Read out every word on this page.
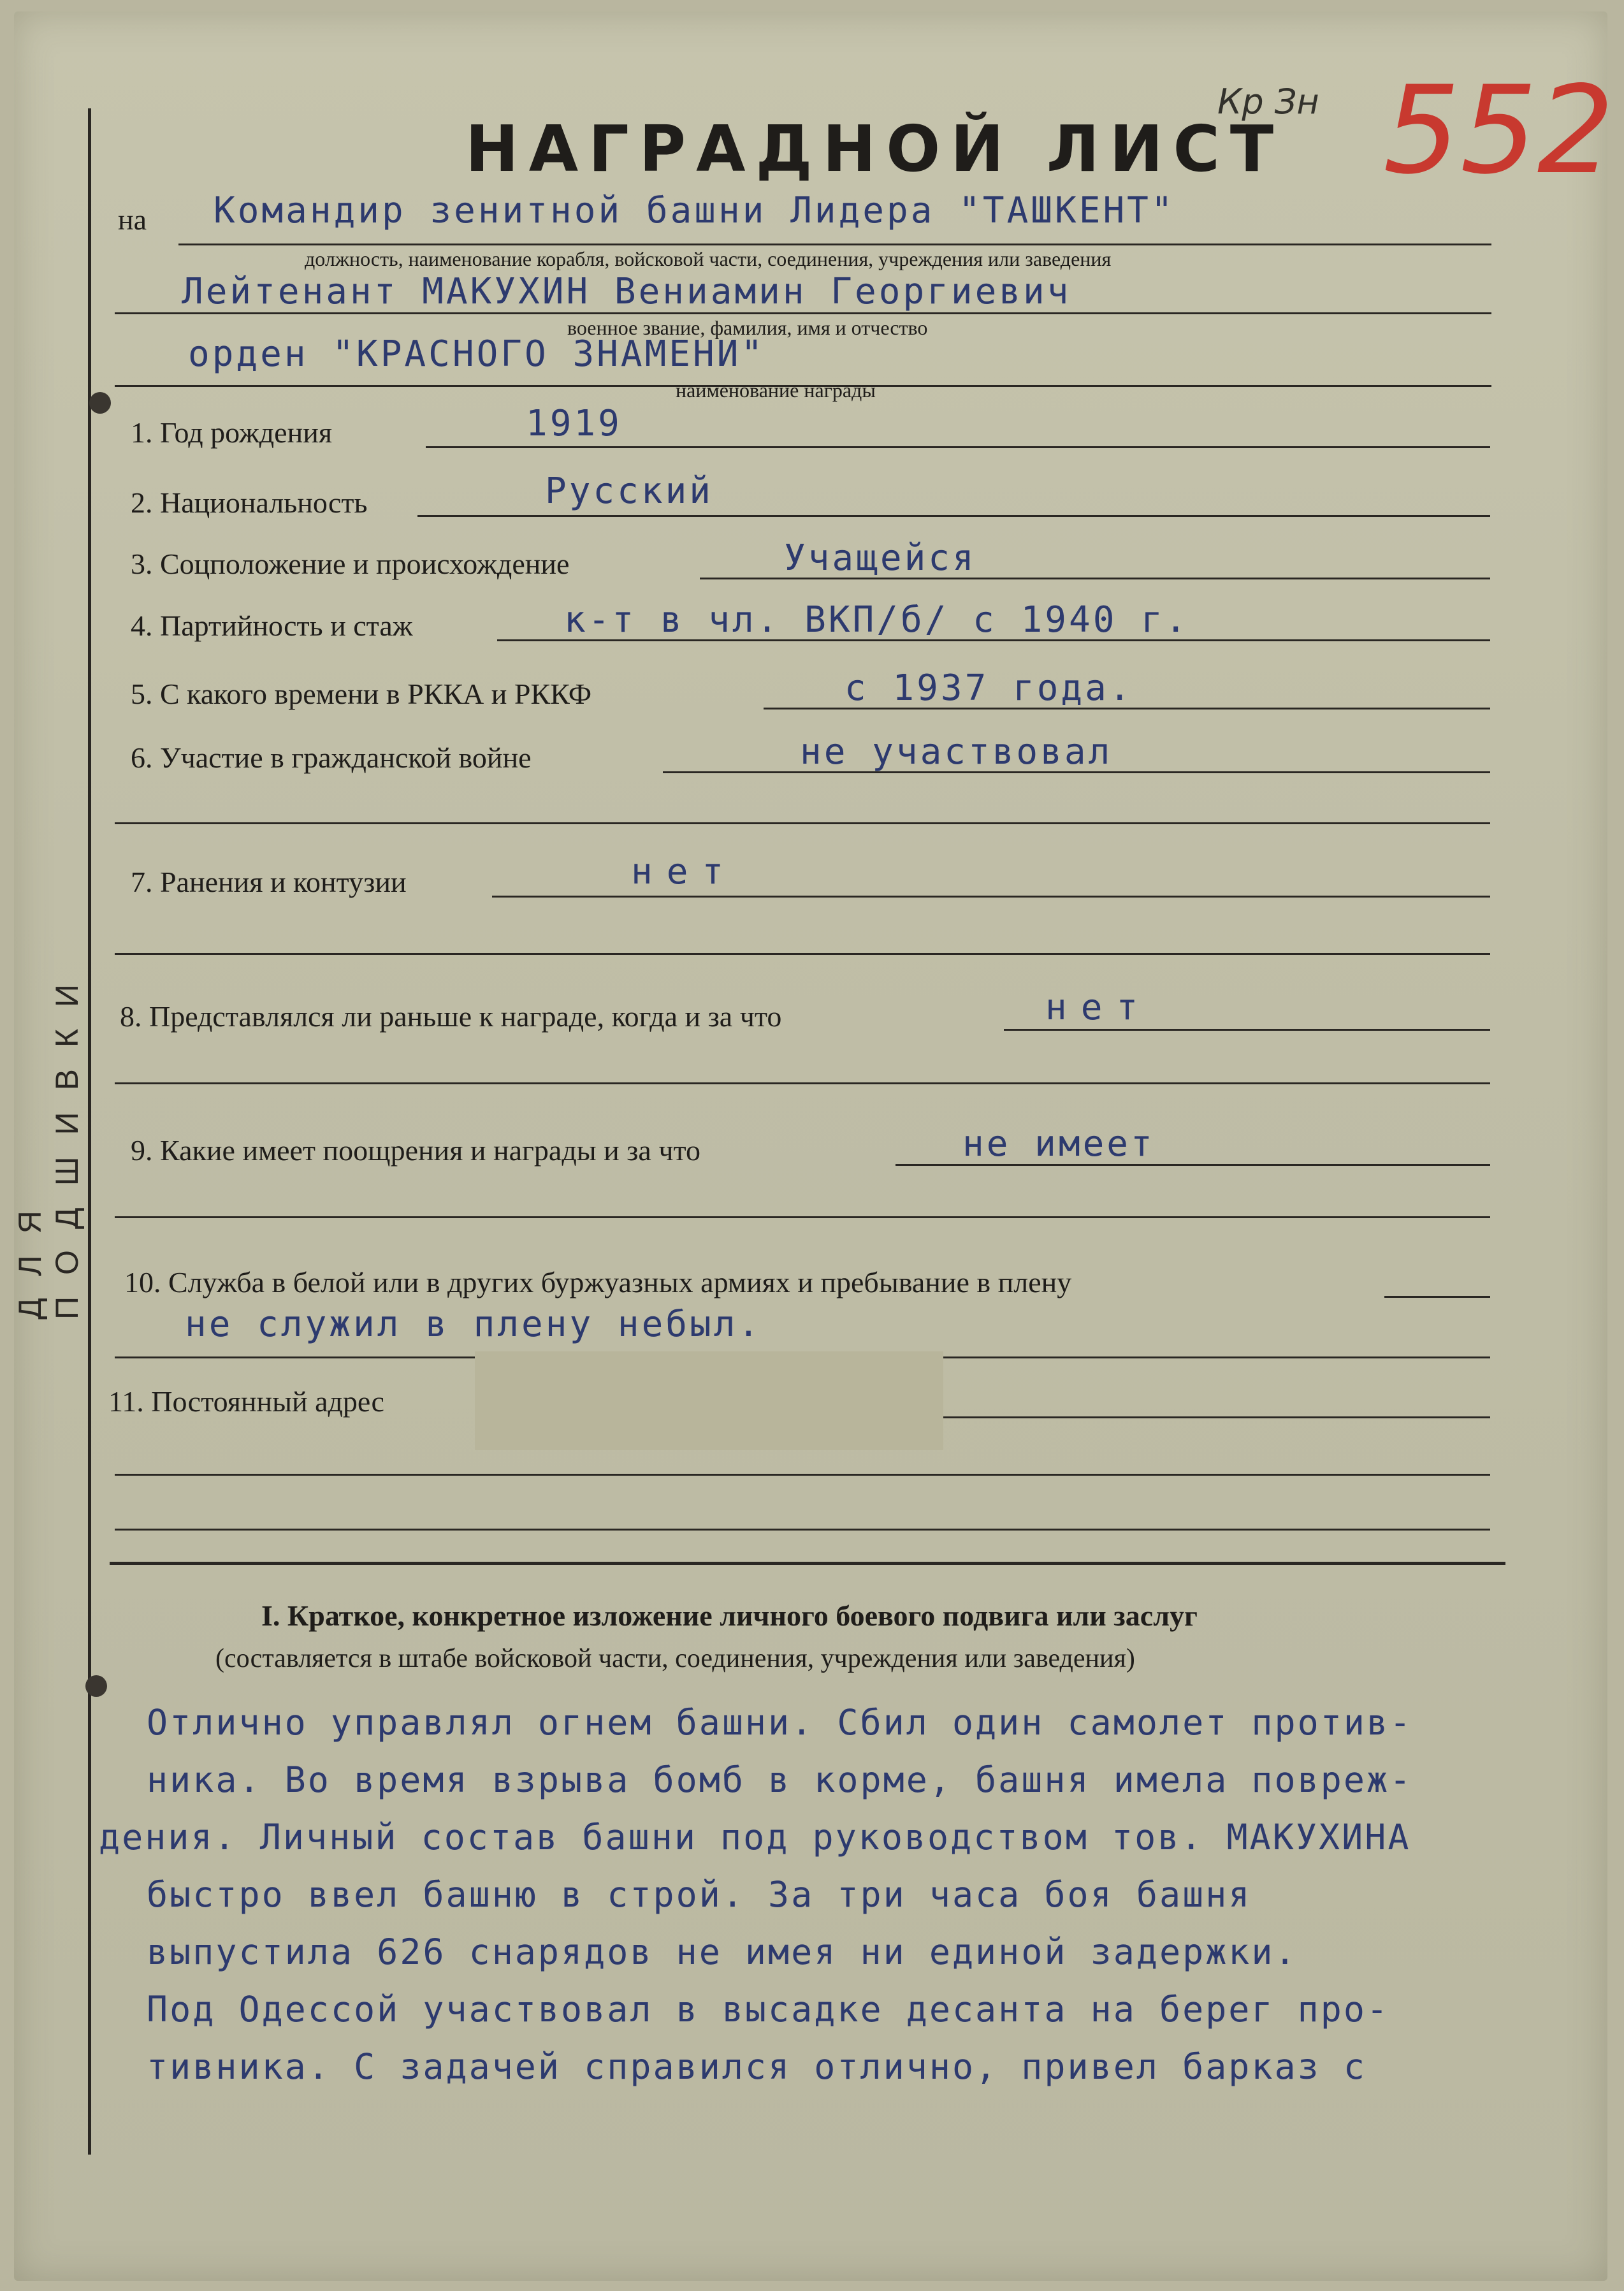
ДЛЯ ПОДШИВКИ
НАГРАДНОЙ ЛИСТ
Кр Зн 552
на Командир зенитной башни Лидера "ТАШКЕНТ"
должность, наименование корабля, войсковой части, соединения, учреждения или заведения
Лейтенант МАКУХИН Вениамин Георгиевич
военное звание, фамилия, имя и отчество
орден "КРАСНОГО ЗНАМЕНИ"
наименование награды
1. Год рождения	1919
2. Национальность	Русский
3. Соцположение и происхождение	Учащейся
4. Партийность и стаж	к-т в чл. ВКП/б/ с 1940 г.
5. С какого времени в РККА и РККФ	с 1937 года.
6. Участие в гражданской войне	не участвовал
7. Ранения и контузии	нет
8. Представлялся ли раньше к награде, когда и за что	нет
9. Какие имеет поощрения и награды и за что	не имеет
10. Служба в белой или в других буржуазных армиях и пребывание в плену
не служил в плену небыл.
11. Постоянный адрес
I. Краткое, конкретное изложение личного боевого подвига или заслуг
(составляется в штабе войсковой части, соединения, учреждения или заведения)
Отлично управлял огнем башни. Сбил один самолет против-
ника. Во время взрыва бомб в корме, башня имела повреж-
дения. Личный состав башни под руководством тов. МАКУХИНА
быстро ввел башню в строй. За три часа боя башня
выпустила 626 снарядов не имея ни единой задержки.
Под Одессой участвовал в высадке десанта на берег про-
тивника. С задачей справился отлично, привел барказ с
